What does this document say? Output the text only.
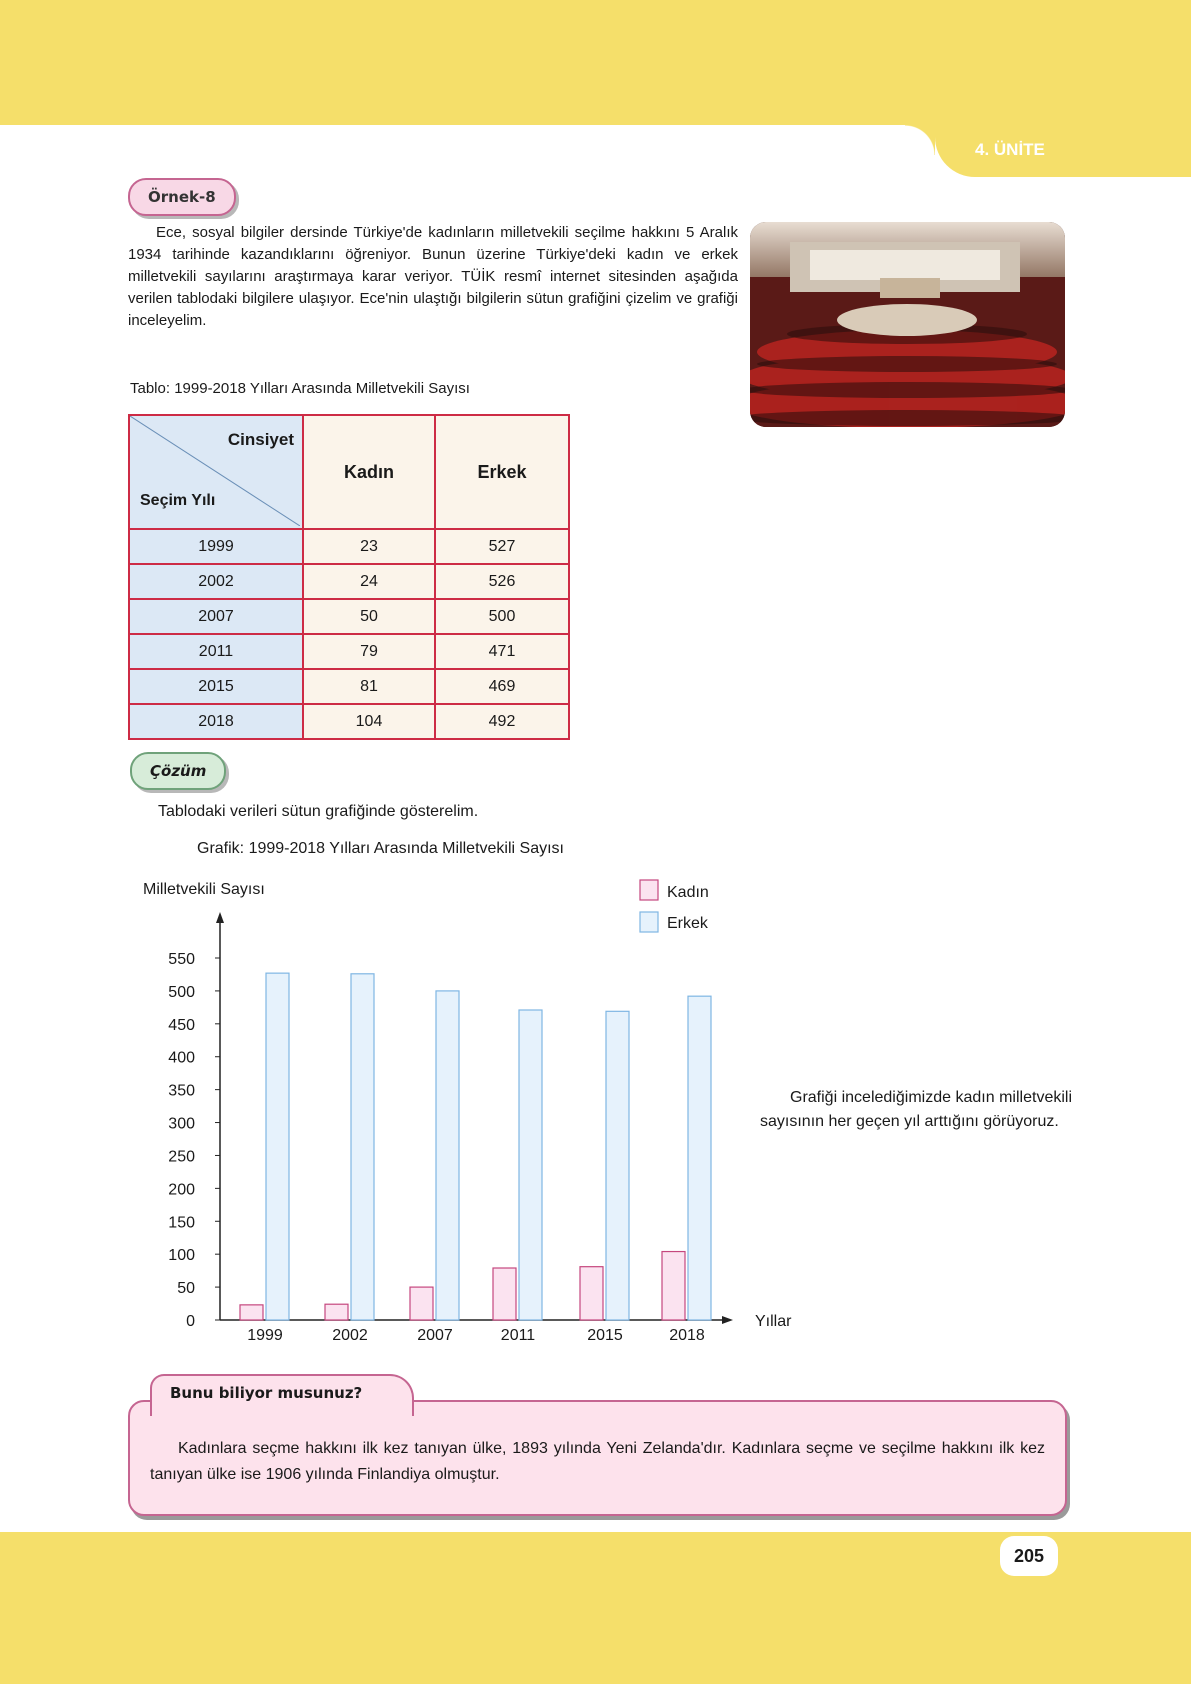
4. ÜNİTE
Örnek-8
Ece, sosyal bilgiler dersinde Türkiye'de kadınların milletvekili seçilme hakkını 5 Aralık 1934 tarihinde kazandıklarını öğreniyor. Bunun üzerine Türkiye'deki kadın ve erkek milletvekili sayılarını araştırmaya karar veriyor. TÜİK resmî internet sitesinden aşağıda verilen tablodaki bilgilere ulaşıyor. Ece'nin ulaştığı bilgilerin sütun grafiğini çizelim ve grafiği inceleyelim.
Tablo: 1999-2018 Yılları Arasında Milletvekili Sayısı
Cinsiyet
Seçim Yılı	Kadın	Erkek
1999	23	527
2002	24	526
2007	50	500
2011	79	471
2015	81	469
2018	104	492
Çözüm
Tablodaki verileri sütun grafiğinde gösterelim.
Grafik: 1999-2018 Yılları Arasında Milletvekili Sayısı
Milletvekili Sayısı
Yıllar
0
50
100
150
200
250
300
350
400
450
500
550
1999	2002	2007	2011	2015	2018
Kadın
Erkek
Grafiği incelediğimizde kadın milletvekili sayısının her geçen yıl arttığını görüyoruz.
Bunu biliyor musunuz?
Kadınlara seçme hakkını ilk kez tanıyan ülke, 1893 yılında Yeni Zelanda'dır. Kadınlara seçme ve seçilme hakkını ilk kez tanıyan ülke ise 1906 yılında Finlandiya olmuştur.
205
